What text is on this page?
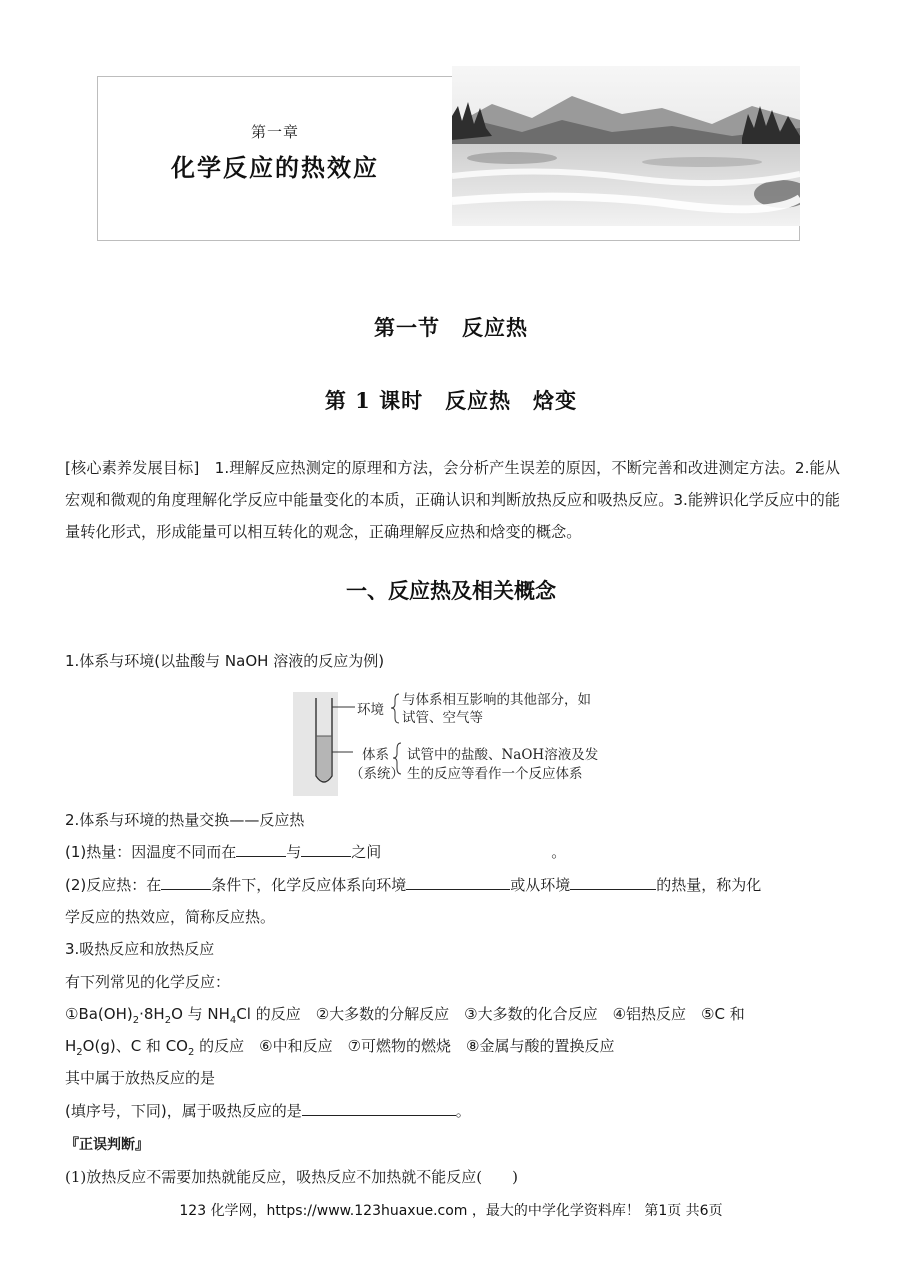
第一章
化学反应的热效应
第一节　反应热
第 1 课时　反应热　焓变
[核心素养发展目标]　1.理解反应热测定的原理和方法，会分析产生误差的原因，不断完善和改进测定方法。2.能从宏观和微观的角度理解化学反应中能量变化的本质，正确认识和判断放热反应和吸热反应。3.能辨识化学反应中的能量转化形式，形成能量可以相互转化的观念，正确理解反应热和焓变的概念。
一、反应热及相关概念
1.体系与环境(以盐酸与 NaOH 溶液的反应为例)
环境
与体系相互影响的其他部分，如
试管、空气等
体系
（系统）
试管中的盐酸、NaOH溶液及发
生的反应等看作一个反应体系
2.体系与环境的热量交换——反应热
(1)热量：因温度不同而在	与	之间	。
(2)反应热：在	条件下，化学反应体系向环境	或从环境	的热量，称为化
学反应的热效应，简称反应热。
3.吸热反应和放热反应
有下列常见的化学反应：
$①Ba(OH)_2\cdot 8H_2O$ 与 $NH_4Cl$ 的反应　②大多数的分解反应　③大多数的化合反应　④铝热反应　⑤C 和
$H_2O(g)$、C 和 $CO_2$ 的反应　⑥中和反应　⑦可燃物的燃烧　⑧金属与酸的置换反应
其中属于放热反应的是
(填序号，下同)，属于吸热反应的是	。
『正误判断』
(1)放热反应不需要加热就能反应，吸热反应不加热就不能反应(　　)
123 化学网，https://www.123huaxue.com ，最大的中学化学资料库！ 第1页 共6页
